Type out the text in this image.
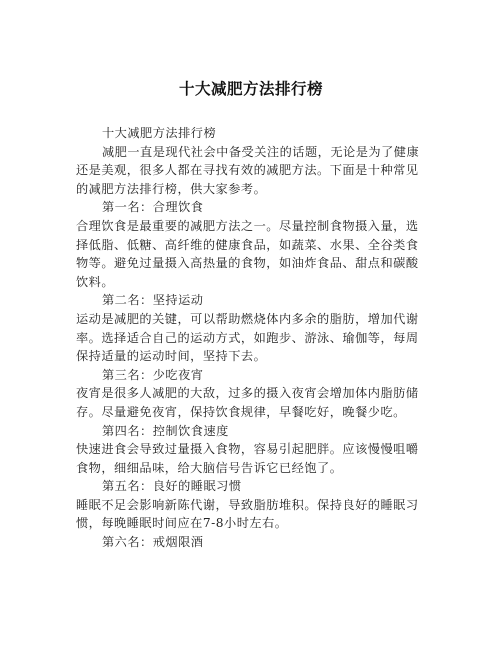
十大减肥方法排行榜

十大减肥方法排行榜

减肥一直是现代社会中备受关注的话题，无论是为了健康还是美观，很多人都在寻找有效的减肥方法。下面是十种常见的减肥方法排行榜，供大家参考。

第一名：合理饮食

合理饮食是最重要的减肥方法之一。尽量控制食物摄入量，选择低脂、低糖、高纤维的健康食品，如蔬菜、水果、全谷类食物等。避免过量摄入高热量的食物，如油炸食品、甜点和碳酸饮料。

第二名：坚持运动

运动是减肥的关键，可以帮助燃烧体内多余的脂肪，增加代谢率。选择适合自己的运动方式，如跑步、游泳、瑜伽等，每周保持适量的运动时间，坚持下去。

第三名：少吃夜宵

夜宵是很多人减肥的大敌，过多的摄入夜宵会增加体内脂肪储存。尽量避免夜宵，保持饮食规律，早餐吃好，晚餐少吃。

第四名：控制饮食速度

快速进食会导致过量摄入食物，容易引起肥胖。应该慢慢咀嚼食物，细细品味，给大脑信号告诉它已经饱了。

第五名：良好的睡眠习惯

睡眠不足会影响新陈代谢，导致脂肪堆积。保持良好的睡眠习惯，每晚睡眠时间应在7-8小时左右。

第六名：戒烟限酒
